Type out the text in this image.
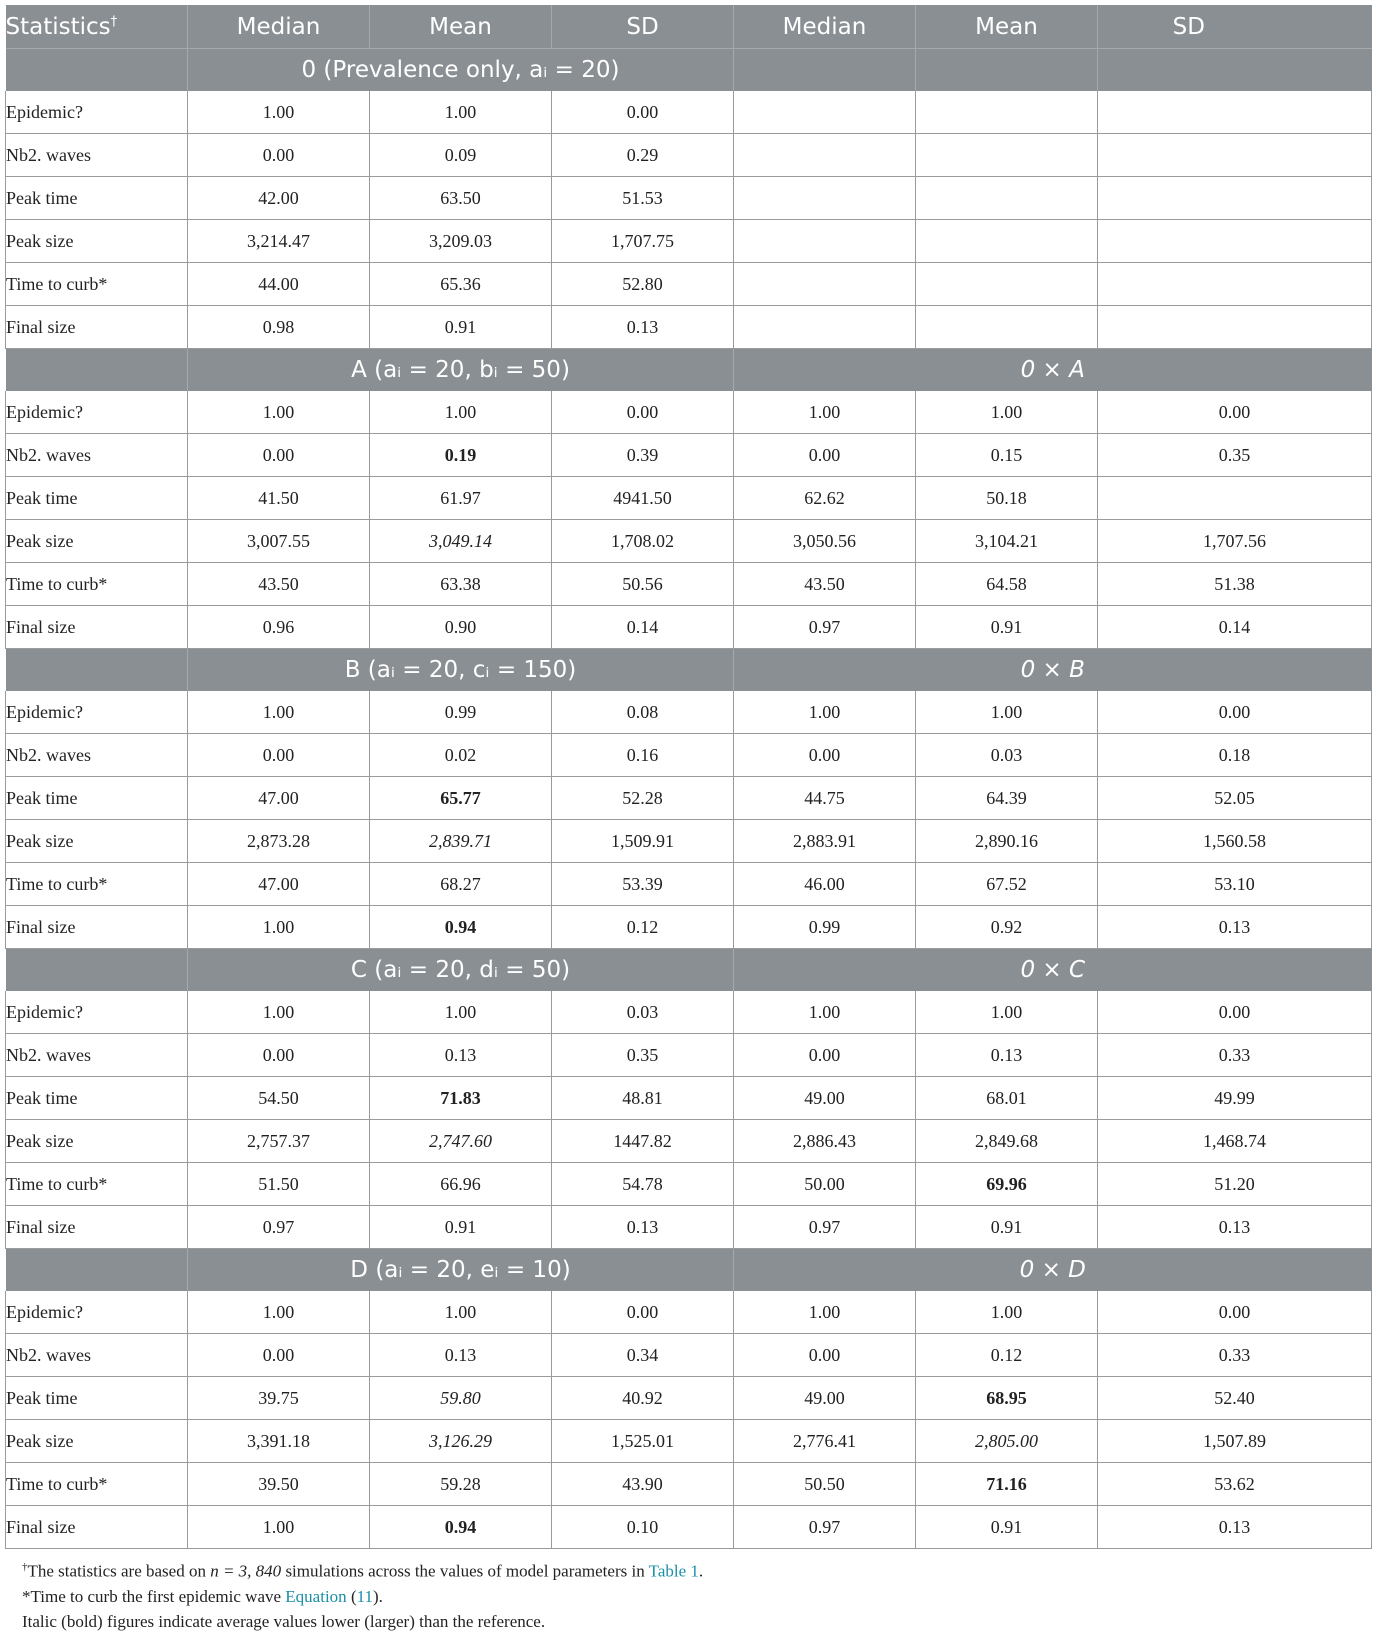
Statistics†	Median	Mean	SD	Median	Mean	SD
	0 (Prevalence only, aᵢ = 20)					
Epidemic?	1.00	1.00	0.00			
Nb2. waves	0.00	0.09	0.29			
Peak time	42.00	63.50	51.53			
Peak size	3,214.47	3,209.03	1,707.75			
Time to curb*	44.00	65.36	52.80			
Final size	0.98	0.91	0.13			
	A (aᵢ = 20, bᵢ = 50)			0 × A		
Epidemic?	1.00	1.00	0.00	1.00	1.00	0.00
Nb2. waves	0.00	0.19	0.39	0.00	0.15	0.35
Peak time	41.50	61.97	4941.50	62.62	50.18	
Peak size	3,007.55	3,049.14	1,708.02	3,050.56	3,104.21	1,707.56
Time to curb*	43.50	63.38	50.56	43.50	64.58	51.38
Final size	0.96	0.90	0.14	0.97	0.91	0.14
	B (aᵢ = 20, cᵢ = 150)			0 × B		
Epidemic?	1.00	0.99	0.08	1.00	1.00	0.00
Nb2. waves	0.00	0.02	0.16	0.00	0.03	0.18
Peak time	47.00	65.77	52.28	44.75	64.39	52.05
Peak size	2,873.28	2,839.71	1,509.91	2,883.91	2,890.16	1,560.58
Time to curb*	47.00	68.27	53.39	46.00	67.52	53.10
Final size	1.00	0.94	0.12	0.99	0.92	0.13
	C (aᵢ = 20, dᵢ = 50)			0 × C		
Epidemic?	1.00	1.00	0.03	1.00	1.00	0.00
Nb2. waves	0.00	0.13	0.35	0.00	0.13	0.33
Peak time	54.50	71.83	48.81	49.00	68.01	49.99
Peak size	2,757.37	2,747.60	1447.82	2,886.43	2,849.68	1,468.74
Time to curb*	51.50	66.96	54.78	50.00	69.96	51.20
Final size	0.97	0.91	0.13	0.97	0.91	0.13
	D (aᵢ = 20, eᵢ = 10)			0 × D		
Epidemic?	1.00	1.00	0.00	1.00	1.00	0.00
Nb2. waves	0.00	0.13	0.34	0.00	0.12	0.33
Peak time	39.75	59.80	40.92	49.00	68.95	52.40
Peak size	3,391.18	3,126.29	1,525.01	2,776.41	2,805.00	1,507.89
Time to curb*	39.50	59.28	43.90	50.50	71.16	53.62
Final size	1.00	0.94	0.10	0.97	0.91	0.13

†The statistics are based on n = 3, 840 simulations across the values of model parameters in Table 1.

*Time to curb the first epidemic wave Equation (11).

Italic (bold) figures indicate average values lower (larger) than the reference.
